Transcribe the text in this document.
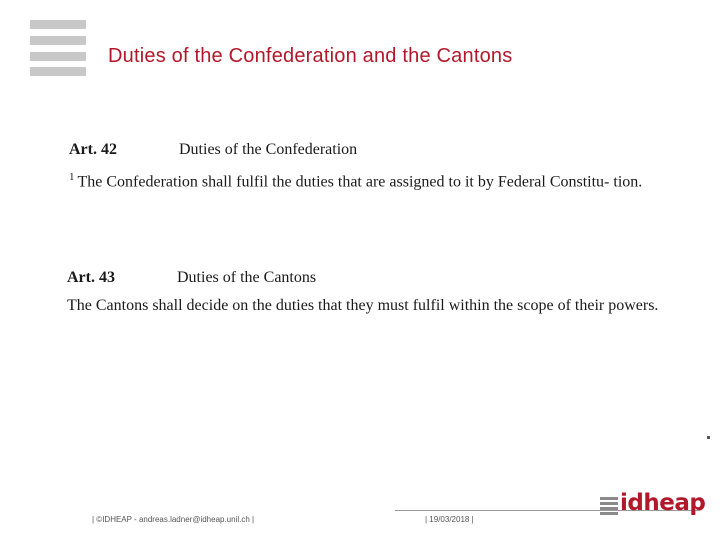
Duties of the Confederation and the Cantons
Art. 42	Duties of the Confederation
$^1$ The Confederation shall fulfil the duties that are assigned to it by Federal Constitu- tion.
Art. 43	Duties of the Cantons
The Cantons shall decide on the duties that they must fulfil within the scope of their powers.
| ©IDHEAP - andreas.ladner@idheap.unil.ch |	| 19/03/2018 |
idheap
